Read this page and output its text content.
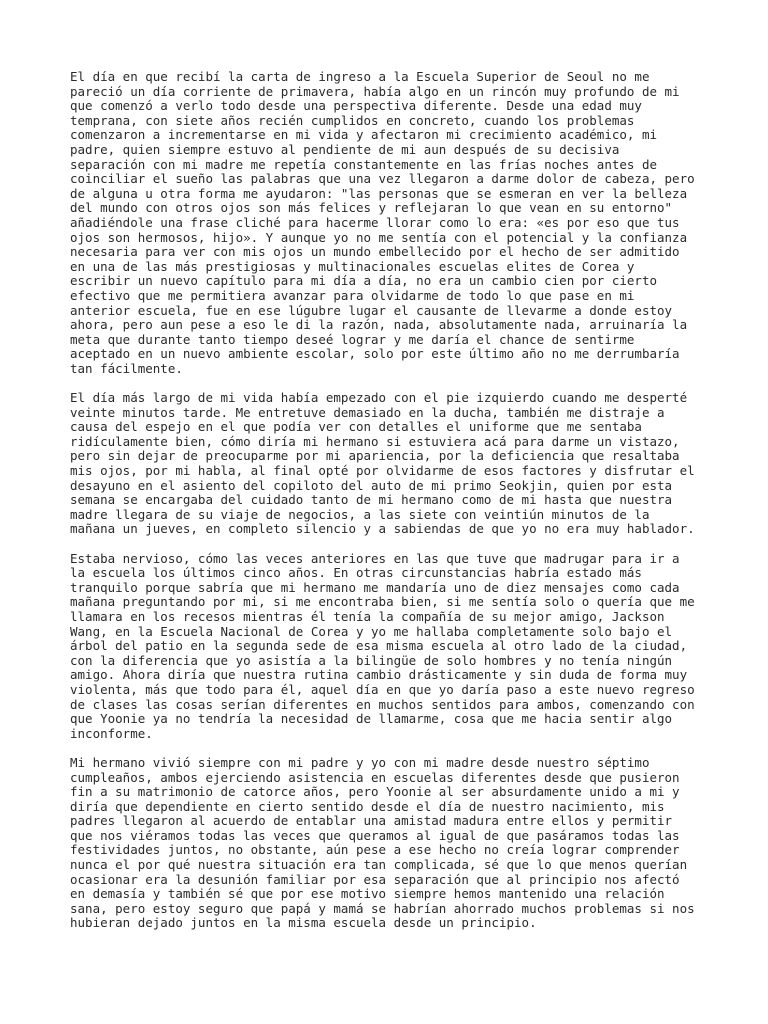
El día en que recibí la carta de ingreso a la Escuela Superior de Seoul no me
pareció un día corriente de primavera, había algo en un rincón muy profundo de mi
que comenzó a verlo todo desde una perspectiva diferente. Desde una edad muy
temprana, con siete años recién cumplidos en concreto, cuando los problemas
comenzaron a incrementarse en mi vida y afectaron mi crecimiento académico, mi
padre, quien siempre estuvo al pendiente de mi aun después de su decisiva
separación con mi madre me repetía constantemente en las frías noches antes de
coinciliar el sueño las palabras que una vez llegaron a darme dolor de cabeza, pero
de alguna u otra forma me ayudaron: "las personas que se esmeran en ver la belleza
del mundo con otros ojos son más felices y reflejaran lo que vean en su entorno"
añadiéndole una frase cliché para hacerme llorar como lo era: «es por eso que tus
ojos son hermosos, hijo». Y aunque yo no me sentía con el potencial y la confianza
necesaria para ver con mis ojos un mundo embellecido por el hecho de ser admitido
en una de las más prestigiosas y multinacionales escuelas elites de Corea y
escribir un nuevo capítulo para mi día a día, no era un cambio cien por cierto
efectivo que me permitiera avanzar para olvidarme de todo lo que pase en mi
anterior escuela, fue en ese lúgubre lugar el causante de llevarme a donde estoy
ahora, pero aun pese a eso le di la razón, nada, absolutamente nada, arruinaría la
meta que durante tanto tiempo deseé lograr y me daría el chance de sentirme
aceptado en un nuevo ambiente escolar, solo por este último año no me derrumbaría
tan fácilmente.

El día más largo de mi vida había empezado con el pie izquierdo cuando me desperté
veinte minutos tarde. Me entretuve demasiado en la ducha, también me distraje a
causa del espejo en el que podía ver con detalles el uniforme que me sentaba
ridículamente bien, cómo diría mi hermano si estuviera acá para darme un vistazo,
pero sin dejar de preocuparme por mi apariencia, por la deficiencia que resaltaba
mis ojos, por mi habla, al final opté por olvidarme de esos factores y disfrutar el
desayuno en el asiento del copiloto del auto de mi primo Seokjin, quien por esta
semana se encargaba del cuidado tanto de mi hermano como de mi hasta que nuestra
madre llegara de su viaje de negocios, a las siete con veintiún minutos de la
mañana un jueves, en completo silencio y a sabiendas de que yo no era muy hablador.

Estaba nervioso, cómo las veces anteriores en las que tuve que madrugar para ir a
la escuela los últimos cinco años. En otras circunstancias habría estado más
tranquilo porque sabría que mi hermano me mandaría uno de diez mensajes como cada
mañana preguntando por mi, si me encontraba bien, si me sentía solo o quería que me
llamara en los recesos mientras él tenía la compañía de su mejor amigo, Jackson
Wang, en la Escuela Nacional de Corea y yo me hallaba completamente solo bajo el
árbol del patio en la segunda sede de esa misma escuela al otro lado de la ciudad,
con la diferencia que yo asistía a la bilingüe de solo hombres y no tenía ningún
amigo. Ahora diría que nuestra rutina cambio drásticamente y sin duda de forma muy
violenta, más que todo para él, aquel día en que yo daría paso a este nuevo regreso
de clases las cosas serían diferentes en muchos sentidos para ambos, comenzando con
que Yoonie ya no tendría la necesidad de llamarme, cosa que me hacia sentir algo
inconforme.

Mi hermano vivió siempre con mi padre y yo con mi madre desde nuestro séptimo
cumpleaños, ambos ejerciendo asistencia en escuelas diferentes desde que pusieron
fin a su matrimonio de catorce años, pero Yoonie al ser absurdamente unido a mi y
diría que dependiente en cierto sentido desde el día de nuestro nacimiento, mis
padres llegaron al acuerdo de entablar una amistad madura entre ellos y permitir
que nos viéramos todas las veces que queramos al igual de que pasáramos todas las
festividades juntos, no obstante, aún pese a ese hecho no creía lograr comprender
nunca el por qué nuestra situación era tan complicada, sé que lo que menos querían
ocasionar era la desunión familiar por esa separación que al principio nos afectó
en demasía y también sé que por ese motivo siempre hemos mantenido una relación
sana, pero estoy seguro que papá y mamá se habrían ahorrado muchos problemas si nos
hubieran dejado juntos en la misma escuela desde un principio.
